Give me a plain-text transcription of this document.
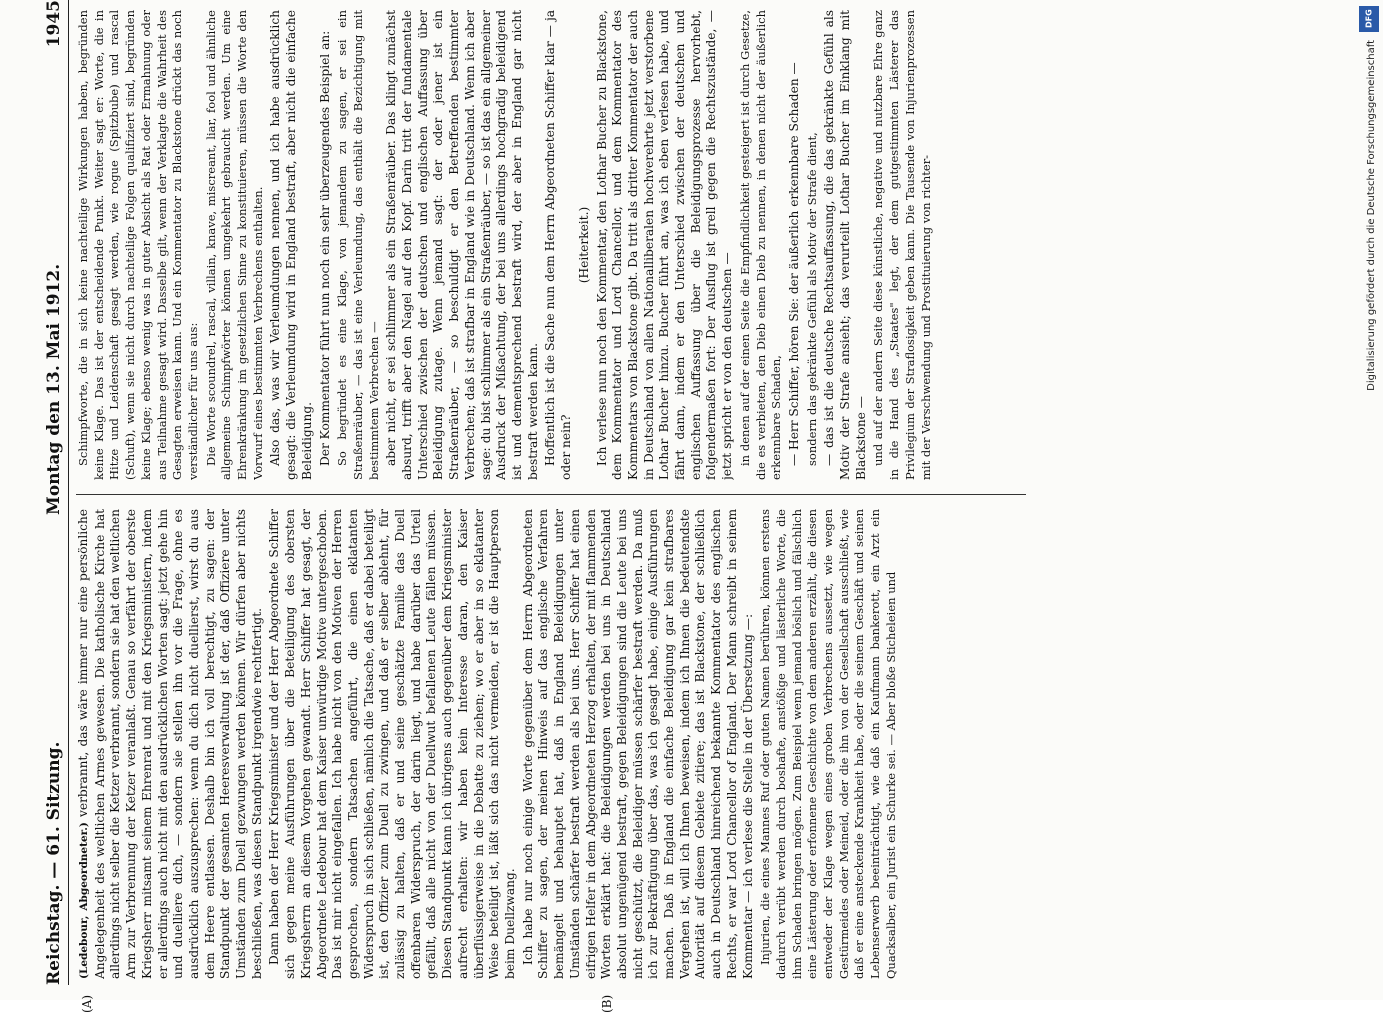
Reichstag. — 61. Sitzung.
Montag den 13. Mai 1912.
1945

(Ledebour, Abgeordneter.) verbrannt, das wäre immer nur eine persönliche Angelegenheit des weltlichen Armes gewesen. Die katholische Kirche hat allerdings nicht selber die Ketzer verbrannt, sondern sie hat den weltlichen Arm zur Verbrennung der Ketzer veranlaßt. Genau so verfährt der oberste Kriegsherr mitsamt seinem Ehrenrat und mit den Kriegsministern, indem er allerdings auch nicht mit den ausdrücklichen Worten sagt: jetzt gehe hin und duelliere dich, — sondern sie stellen ihn vor die Frage, ohne es ausdrücklich auszusprechen: wenn du dich nicht duellierst, wirst du aus dem Heere entlassen. Deshalb bin ich voll berechtigt, zu sagen: der Standpunkt der gesamten Heeresverwaltung ist der, daß Offiziere unter Umständen zum Duell gezwungen werden können. Wir dürfen aber nichts beschließen, was diesen Standpunkt irgendwie rechtfertigt. Dann haben der Herr Kriegsminister und der Herr Abgeordnete Schiffer sich gegen meine Ausführungen über die Beteiligung des obersten Kriegsherrn an diesem Vorgehen gewandt. Herr Schiffer hat gesagt, der Abgeordnete Ledebour hat dem Kaiser unwürdige Motive untergeschoben. Das ist mir nicht eingefallen. Ich habe nicht von den Motiven der Herren gesprochen, sondern Tatsachen angeführt, die einen eklatanten Widerspruch in sich schließen, nämlich die Tatsache, daß er dabei beteiligt ist, den Offizier zum Duell zu zwingen, und daß er selber ablehnt, für zulässig zu halten, daß er und seine geschätzte Familie das Duell offenbaren Widerspruch, der darin liegt, und habe darüber das Urteil gefällt, daß alle nicht von der Duellwut befallenen Leute fällen müssen. Diesen Standpunkt kann ich übrigens auch gegenüber dem Kriegsminister aufrecht erhalten: wir haben kein Interesse daran, den Kaiser überflüssigerweise in die Debatte zu ziehen; wo er aber in so eklatanter Weise beteiligt ist, läßt sich das nicht vermeiden, er ist die Hauptperson beim Duellzwang. Ich habe nur noch einige Worte gegenüber dem Herrn Abgeordneten Schiffer zu sagen, der meinen Hinweis auf das englische Verfahren bemängelt und behauptet hat, daß in England Beleidigungen unter Umständen schärfer bestraft werden als bei uns. Herr Schiffer hat einen eifrigen Helfer in dem Abgeordneten Herzog erhalten, der mit flammenden Worten erklärt hat: die Beleidigungen werden bei uns in Deutschland absolut ungenügend bestraft, gegen Beleidigungen sind die Leute bei uns nicht geschützt, die Beleidiger müssen schärfer bestraft werden. Da muß ich zur Bekräftigung über das, was ich gesagt habe, einige Ausführungen machen. Daß in England die einfache Beleidigung gar kein strafbares Vergehen ist, will ich Ihnen beweisen, indem ich Ihnen die bedeutendste Autorität auf diesem Gebiete zitiere; das ist Blackstone, der schließlich auch in Deutschland hinreichend bekannte Kommentator des englischen Rechts, er war Lord Chancellor of England. Der Mann schreibt in seinem Kommentar — ich verlese die Stelle in der Übersetzung —: Injurien, die eines Mannes Ruf oder guten Namen berühren, können erstens dadurch verübt werden durch boshafte, anstößige und lästerliche Worte, die ihm Schaden bringen mögen. Zum Beispiel wenn jemand böslich und fälschlich eine Lästerung oder erfonnene Geschichte von dem anderen erzählt, die diesen entweder der Klage wegen eines groben Verbrechens aussetzt, wie wegen Gestürmeides oder Meineid, oder die ihn von der Gesellschaft ausschließt, wie daß er eine ansteckende Krankheit habe, oder die seinem Geschäft und seinen Lebenserwerb beeinträchtigt, wie daß ein Kaufmann bankerott, ein Arzt ein Quacksalber, ein Jurist ein Schurke sei. — Aber bloße Sticheleien und

Schimpfworte, die in sich keine nachteilige Wirkungen haben, begründen keine Klage. Das ist der entscheidende Punkt. Weiter sagt er: Worte, die in Hitze und Leidenschaft gesagt werden, wie rogue (Spitzbube) und rascal (Schuft), wenn sie nicht durch nachteilige Folgen qualifiziert sind, begründen keine Klage; ebenso wenig was in guter Absicht als Rat oder Ermahnung oder aus Teilnahme gesagt wird. Dasselbe gilt, wenn der Verklagte die Wahrheit des Gesagten erweisen kann. Und ein Kommentator zu Blackstone drückt das noch verständlicher für uns aus: Die Worte scoundrel, rascal, villain, knave, miscreant, liar, fool und ähnliche allgemeine Schimpfwörter können umgekehrt gebraucht werden. Um eine Ehrenkränkung im gesetzlichen Sinne zu konstituieren, müssen die Worte den Vorwurf eines bestimmten Verbrechens enthalten. Also das, was wir Verleumdungen nennen, und ich habe ausdrücklich gesagt: die Verleumdung wird in England bestraft, aber nicht die einfache Beleidigung. Der Kommentator führt nun noch ein sehr überzeugendes Beispiel an: So begründet es eine Klage, von jemandem zu sagen, er sei ein Straßenräuber, — das ist eine Verleumdung, das enthält die Bezichtigung mit bestimmtem Verbrechen — aber nicht, er sei schlimmer als ein Straßenräuber. Das klingt zunächst absurd, trifft aber den Nagel auf den Kopf. Darin tritt der fundamentale Unterschied zwischen der deutschen und englischen Auffassung über Beleidigung zutage. Wenn jemand sagt: der oder jener ist ein Straßenräuber, — so beschuldigt er den Betreffenden bestimmter Verbrechen; daß ist strafbar in England wie in Deutschland. Wenn ich aber sage: du bist schlimmer als ein Straßenräuber, — so ist das ein allgemeiner Ausdruck der Mißachtung, der bei uns allerdings hochgradig beleidigend ist und dementsprechend bestraft wird, der aber in England gar nicht bestraft werden kann. Hoffentlich ist die Sache nun dem Herrn Abgeordneten Schiffer klar — ja oder nein?

(Heiterkeit.) Ich verlese nun noch den Kommentar, den Lothar Bucher zu Blackstone, dem Kommentator und Lord Chancellor, und dem Kommentator des Kommentars von Blackstone gibt. Da tritt als dritter Kommentator der auch in Deutschland von allen Nationalliberalen hochverehrte jetzt verstorbene Lothar Bucher hinzu. Bucher führt an, was ich eben verlesen habe, und fährt dann, indem er den Unterschied zwischen der deutschen und englischen Auffassung über die Beleidigungsprozesse hervorhebt, folgendermaßen fort: Der Ausflug ist grell gegen die Rechtszustände, — jetzt spricht er von den deutschen — in denen auf der einen Seite die Empfindlichkeit gesteigert ist durch Gesetze, die es verbieten, den Dieb einen Dieb zu nennen, in denen nicht der äußerlich erkennbare Schaden, — Herr Schiffer, hören Sie: der äußerlich erkennbare Schaden — sondern das gekränkte Gefühl als Motiv der Strafe dient, — das ist die deutsche Rechtsauffassung, die das gekränkte Gefühl als Motiv der Strafe ansieht; das verurteilt Lothar Bucher im Einklang mit Blackstone — und auf der andern Seite diese künstliche, negative und nutzbare Ehre ganz in die Hand des „Staates" legt, der dem gutgestimmten Lästerer das Privilegium der Straflosigkeit geben kann. Die Tausende von Injurienprozessen mit der Verschwendung und Prostituierung von richter-

(A)	(B)
DFG
Digitalisierung gefördert durch die Deutsche Forschungsgemeinschaft
